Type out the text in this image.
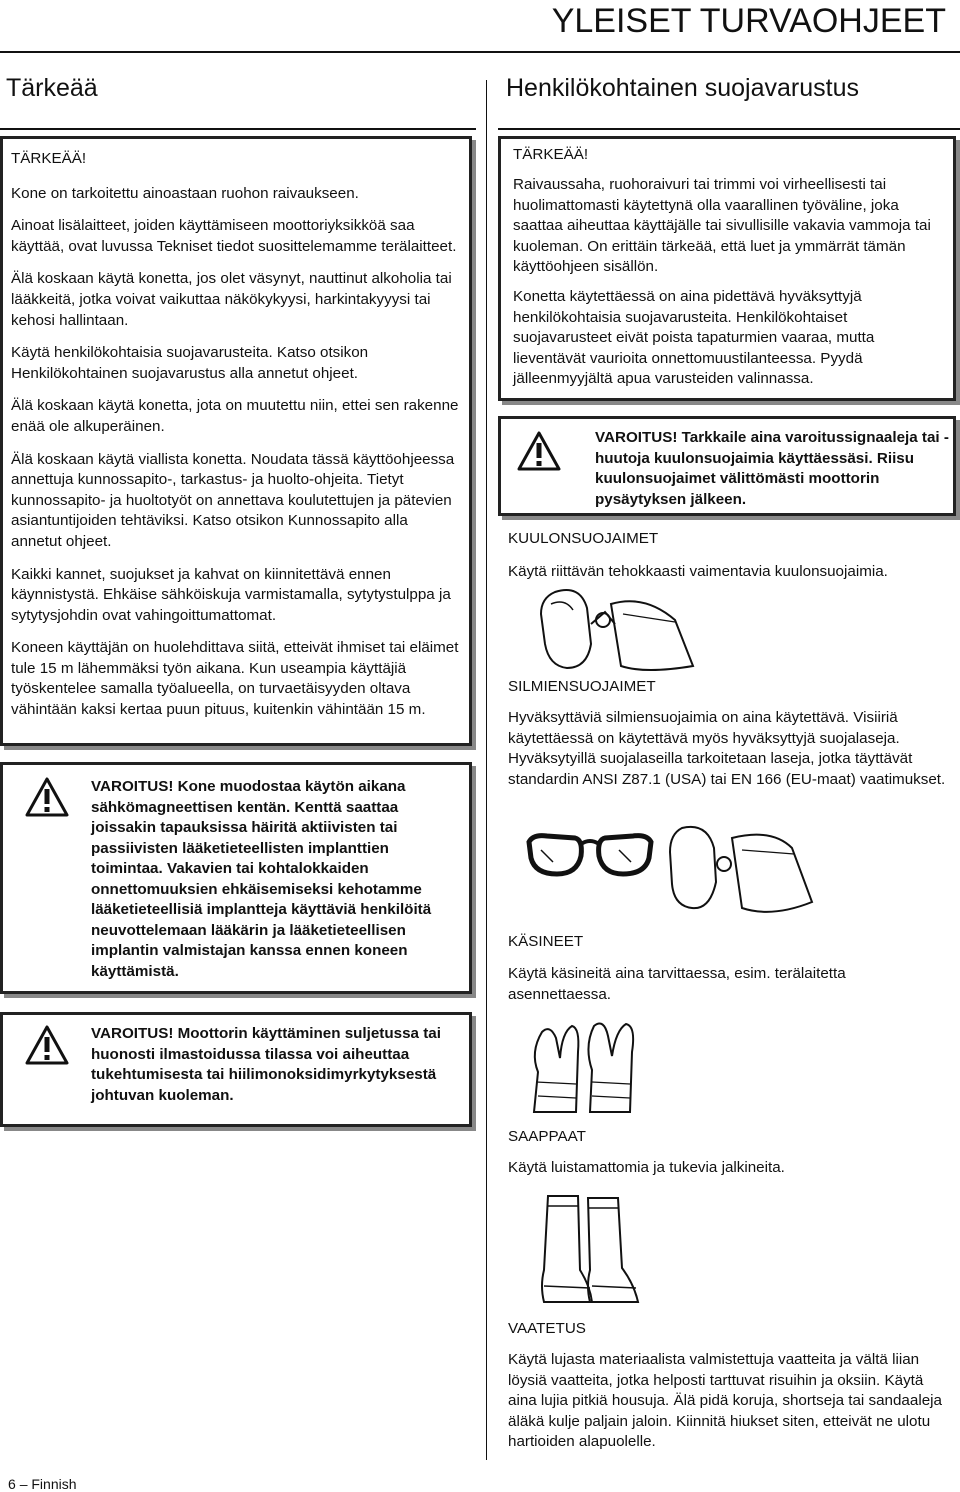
YLEISET TURVAOHJEET
Tärkeää

TÄRKEÄÄ!

Kone on tarkoitettu ainoastaan ruohon raivaukseen.

Ainoat lisälaitteet, joiden käyttämiseen moottoriyksikköä saa käyttää, ovat luvussa Tekniset tiedot suosittelemamme terälaitteet.

Älä koskaan käytä konetta, jos olet väsynyt, nauttinut alkoholia tai lääkkeitä, jotka voivat vaikuttaa näkökykyysi, harkintakyyysi tai kehosi hallintaan.

Käytä henkilökohtaisia suojavarusteita. Katso otsikon Henkilökohtainen suojavarustus alla annetut ohjeet.

Älä koskaan käytä konetta, jota on muutettu niin, ettei sen rakenne enää ole alkuperäinen.

Älä koskaan käytä viallista konetta. Noudata tässä käyttöohjeessa annettuja kunnossapito-, tarkastus- ja huolto-ohjeita. Tietyt kunnossapito- ja huoltotyöt on annettava koulutettujen ja pätevien asiantuntijoiden tehtäviksi. Katso otsikon Kunnossapito alla annetut ohjeet.

Kaikki kannet, suojukset ja kahvat on kiinnitettävä ennen käynnistystä. Ehkäise sähköiskuja varmistamalla, sytytystulppa ja sytytysjohdin ovat vahingoittumattomat.

Koneen käyttäjän on huolehdittava siitä, etteivät ihmiset tai eläimet tule 15 m lähemmäksi työn aikana. Kun useampia käyttäjiä työskentelee samalla työalueella, on turvaetäisyyden oltava vähintään kaksi kertaa puun pituus, kuitenkin vähintään 15 m.

VAROITUS! Kone muodostaa käytön aikana sähkömagneettisen kentän. Kenttä saattaa joissakin tapauksissa häiritä aktiivisten tai passiivisten lääketieteellisten implanttien toimintaa. Vakavien tai kohtalokkaiden onnettomuuksien ehkäisemiseksi kehotamme lääketieteellisiä implantteja käyttäviä henkilöitä neuvottelemaan lääkärin ja lääketieteellisen implantin valmistajan kanssa ennen koneen käyttämistä.
VAROITUS! Moottorin käyttäminen suljetussa tai huonosti ilmastoidussa tilassa voi aiheuttaa tukehtumisesta tai hiilimonoksidimyrkytyksestä johtuvan kuoleman.
Henkilökohtainen suojavarustus

TÄRKEÄÄ!

Raivaussaha, ruohoraivuri tai trimmi voi virheellisesti tai huolimattomasti käytettynä olla vaarallinen työväline, joka saattaa aiheuttaa käyttäjälle tai sivullisille vakavia vammoja tai kuoleman. On erittäin tärkeää, että luet ja ymmärrät tämän käyttöohjeen sisällön.

Konetta käytettäessä on aina pidettävä hyväksyttyjä henkilökohtaisia suojavarusteita. Henkilökohtaiset suojavarusteet eivät poista tapaturmien vaaraa, mutta lieventävät vaurioita onnettomuustilanteessa. Pyydä jälleenmyyjältä apua varusteiden valinnassa.

VAROITUS! Tarkkaile aina varoitussignaaleja tai -huutoja kuulonsuojaimia käyttäessäsi. Riisu kuulonsuojaimet välittömästi moottorin pysäytyksen jälkeen.

KUULONSUOJAIMET

Käytä riittävän tehokkaasti vaimentavia kuulonsuojaimia.

SILMIENSUOJAIMET

Hyväksyttäviä silmiensuojaimia on aina käytettävä. Visiiriä käytettäessä on käytettävä myös hyväksyttyjä suojalaseja. Hyväksytyillä suojalaseilla tarkoitetaan laseja, jotka täyttävät standardin ANSI Z87.1 (USA) tai EN 166 (EU-maat) vaatimukset.

KÄSINEET

Käytä käsineitä aina tarvittaessa, esim. terälaitetta asennettaessa.

SAAPPAAT

Käytä luistamattomia ja tukevia jalkineita.

VAATETUS

Käytä lujasta materiaalista valmistettuja vaatteita ja vältä liian löysiä vaatteita, jotka helposti tarttuvat risuihin ja oksiin. Käytä aina lujia pitkiä housuja. Älä pidä koruja, shortseja tai sandaaleja äläkä kulje paljain jaloin. Kiinnitä hiukset siten, etteivät ne ulotu hartioiden alapuolelle.

6 – Finnish
